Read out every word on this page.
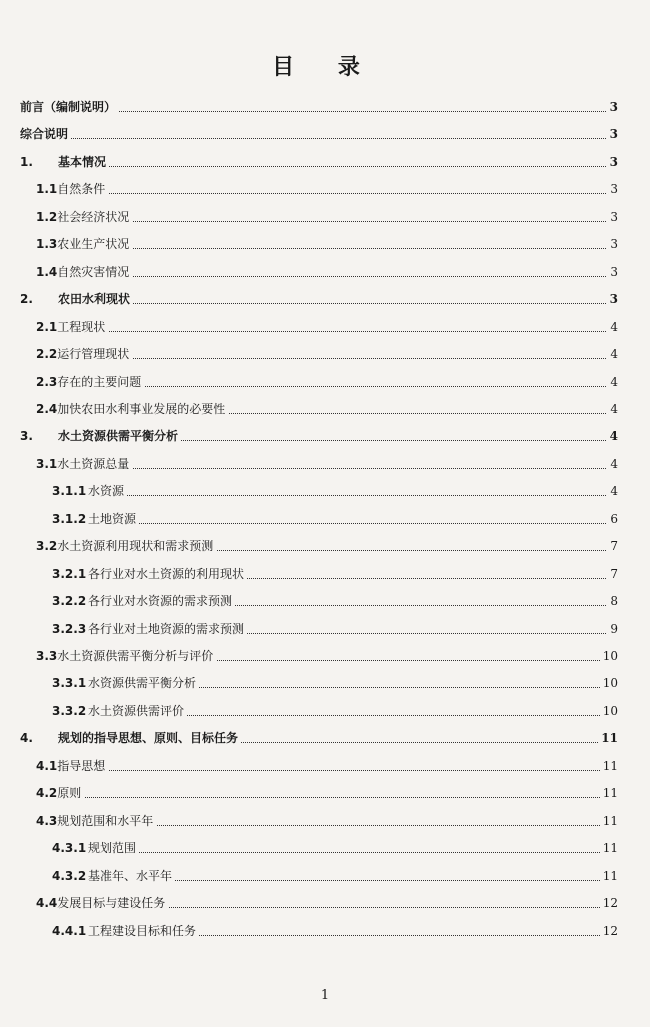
目 录
前言（编制说明）	3
综合说明	3
1. 基本情况	3
1.1自然条件	3
1.2社会经济状况	3
1.3农业生产状况	3
1.4自然灾害情况	3
2. 农田水利现状	3
2.1工程现状	4
2.2运行管理现状	4
2.3存在的主要问题	4
2.4加快农田水利事业发展的必要性	4
3. 水土资源供需平衡分析	4
3.1水土资源总量	4
3.1.1 水资源	4
3.1.2 土地资源	6
3.2水土资源利用现状和需求预测	7
3.2.1 各行业对水土资源的利用现状	7
3.2.2 各行业对水资源的需求预测	8
3.2.3 各行业对土地资源的需求预测	9
3.3水土资源供需平衡分析与评价	10
3.3.1 水资源供需平衡分析	10
3.3.2 水土资源供需评价	10
4. 规划的指导思想、原则、目标任务	11
4.1指导思想	11
4.2原则	11
4.3规划范围和水平年	11
4.3.1 规划范围	11
4.3.2 基准年、水平年	11
4.4发展目标与建设任务	12
4.4.1 工程建设目标和任务	12
1
